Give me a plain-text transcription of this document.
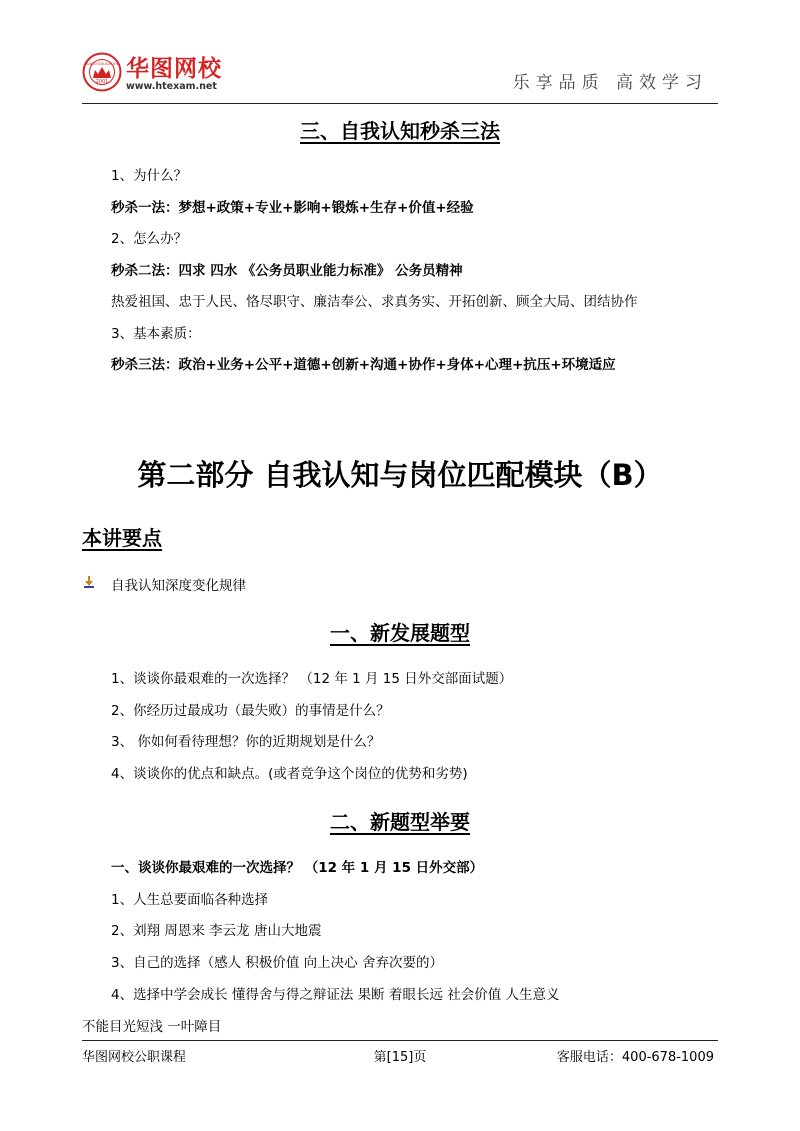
HUATU EDUCATION
2001 华图网校
www.htexam.net	乐享品质 高效学习
三、自我认知秒杀三法
1、为什么？
秒杀一法：梦想+政策+专业+影响+锻炼+生存+价值+经验
2、怎么办？
秒杀二法：四求 四水 《公务员职业能力标准》 公务员精神
热爱祖国、忠于人民、恪尽职守、廉洁奉公、求真务实、开拓创新、顾全大局、团结协作
3、基本素质：
秒杀三法：政治+业务+公平+道德+创新+沟通+协作+身体+心理+抗压+环境适应
第二部分 自我认知与岗位匹配模块（B）
本讲要点
自我认知深度变化规律
一、新发展题型
1、谈谈你最艰难的一次选择？ （12 年 1 月 15 日外交部面试题）
2、你经历过最成功（最失败）的事情是什么？
3、 你如何看待理想？你的近期规划是什么？
4、谈谈你的优点和缺点。(或者竞争这个岗位的优势和劣势)
二、新题型举要
一、谈谈你最艰难的一次选择？ （12 年 1 月 15 日外交部）
1、人生总要面临各种选择
2、刘翔 周恩来 李云龙 唐山大地震
3、自己的选择（感人 积极价值 向上决心 舍弃次要的）
4、选择中学会成长 懂得舍与得之辩证法 果断 着眼长远 社会价值 人生意义
不能目光短浅 一叶障目
华图网校公职课程	第[15]页	客服电话：400-678-1009
